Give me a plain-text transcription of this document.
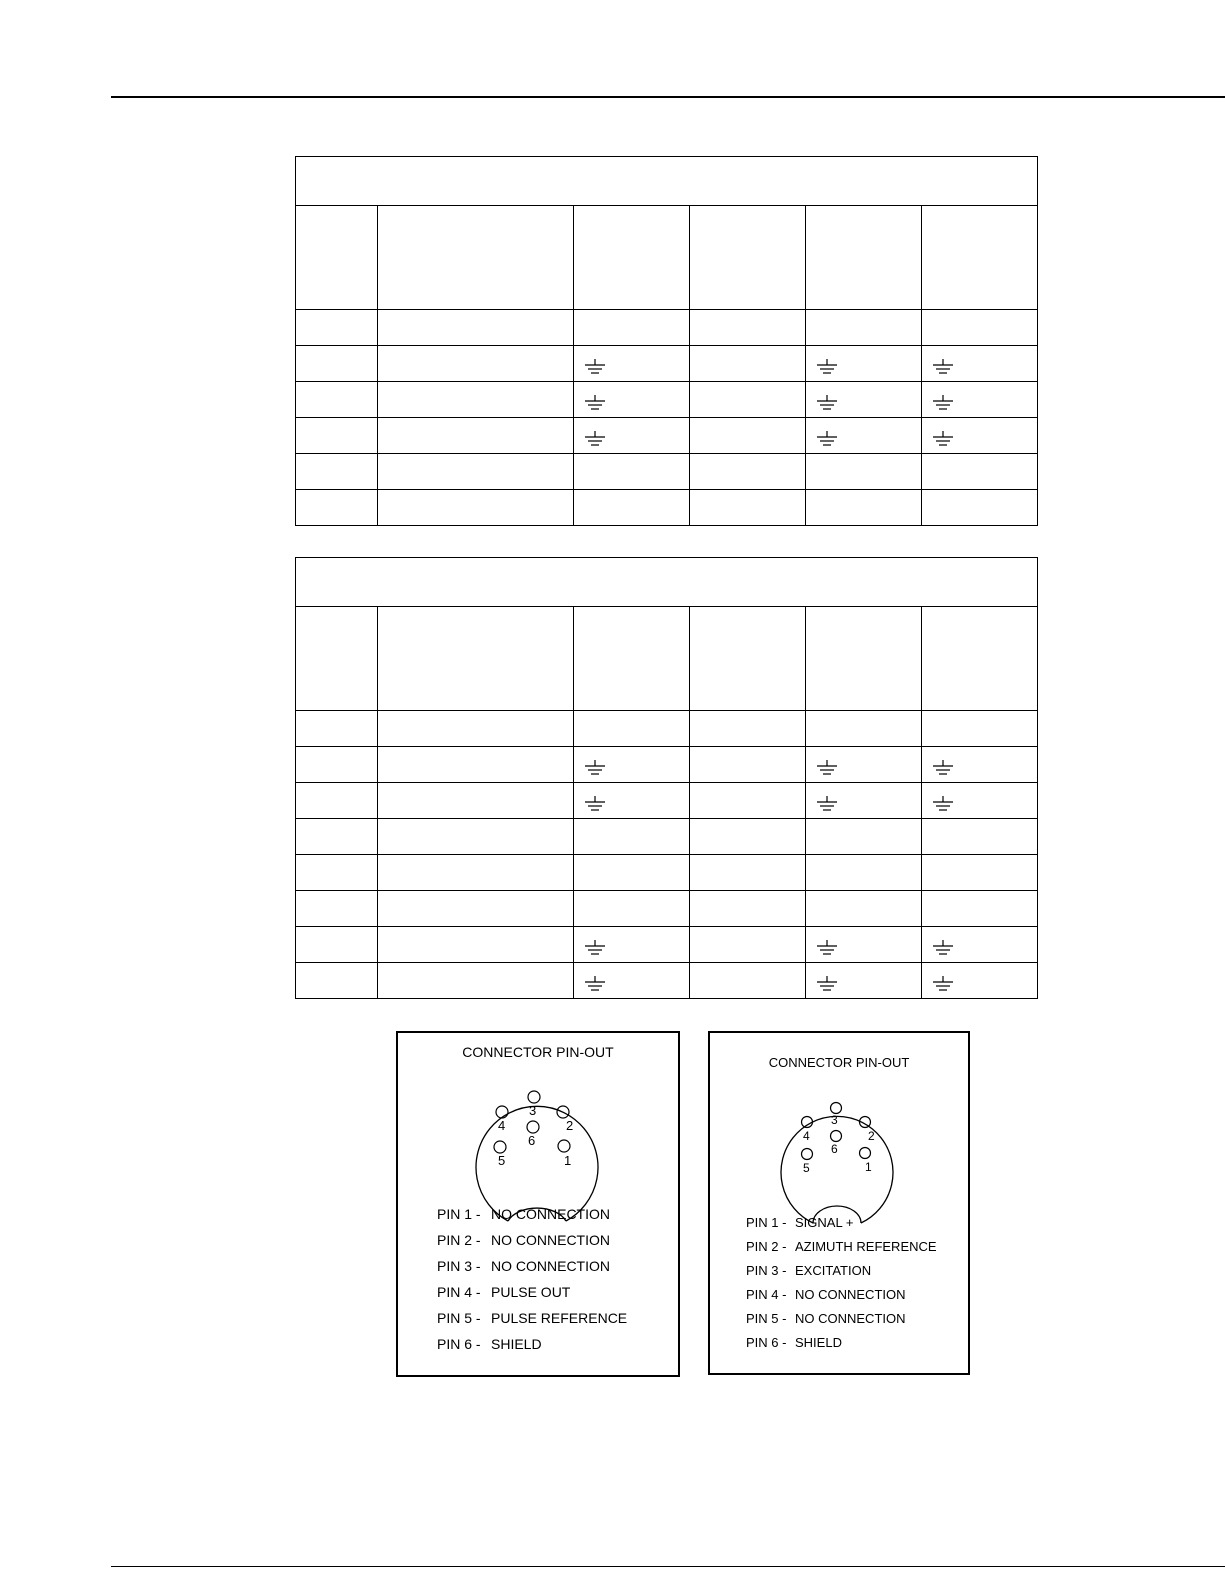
CONNECTOR PIN-OUT
3
4	2
6
5	1
PIN 1 - NO CONNECTION
PIN 2 - NO CONNECTION
PIN 3 - NO CONNECTION
PIN 4 - PULSE OUT
PIN 5 - PULSE REFERENCE
PIN 6 - SHIELD
CONNECTOR PIN-OUT
3
4	2
6
5	1
PIN 1 - SIGNAL +
PIN 2 - AZIMUTH REFERENCE
PIN 3 - EXCITATION
PIN 4 - NO CONNECTION
PIN 5 - NO CONNECTION
PIN 6 - SHIELD
